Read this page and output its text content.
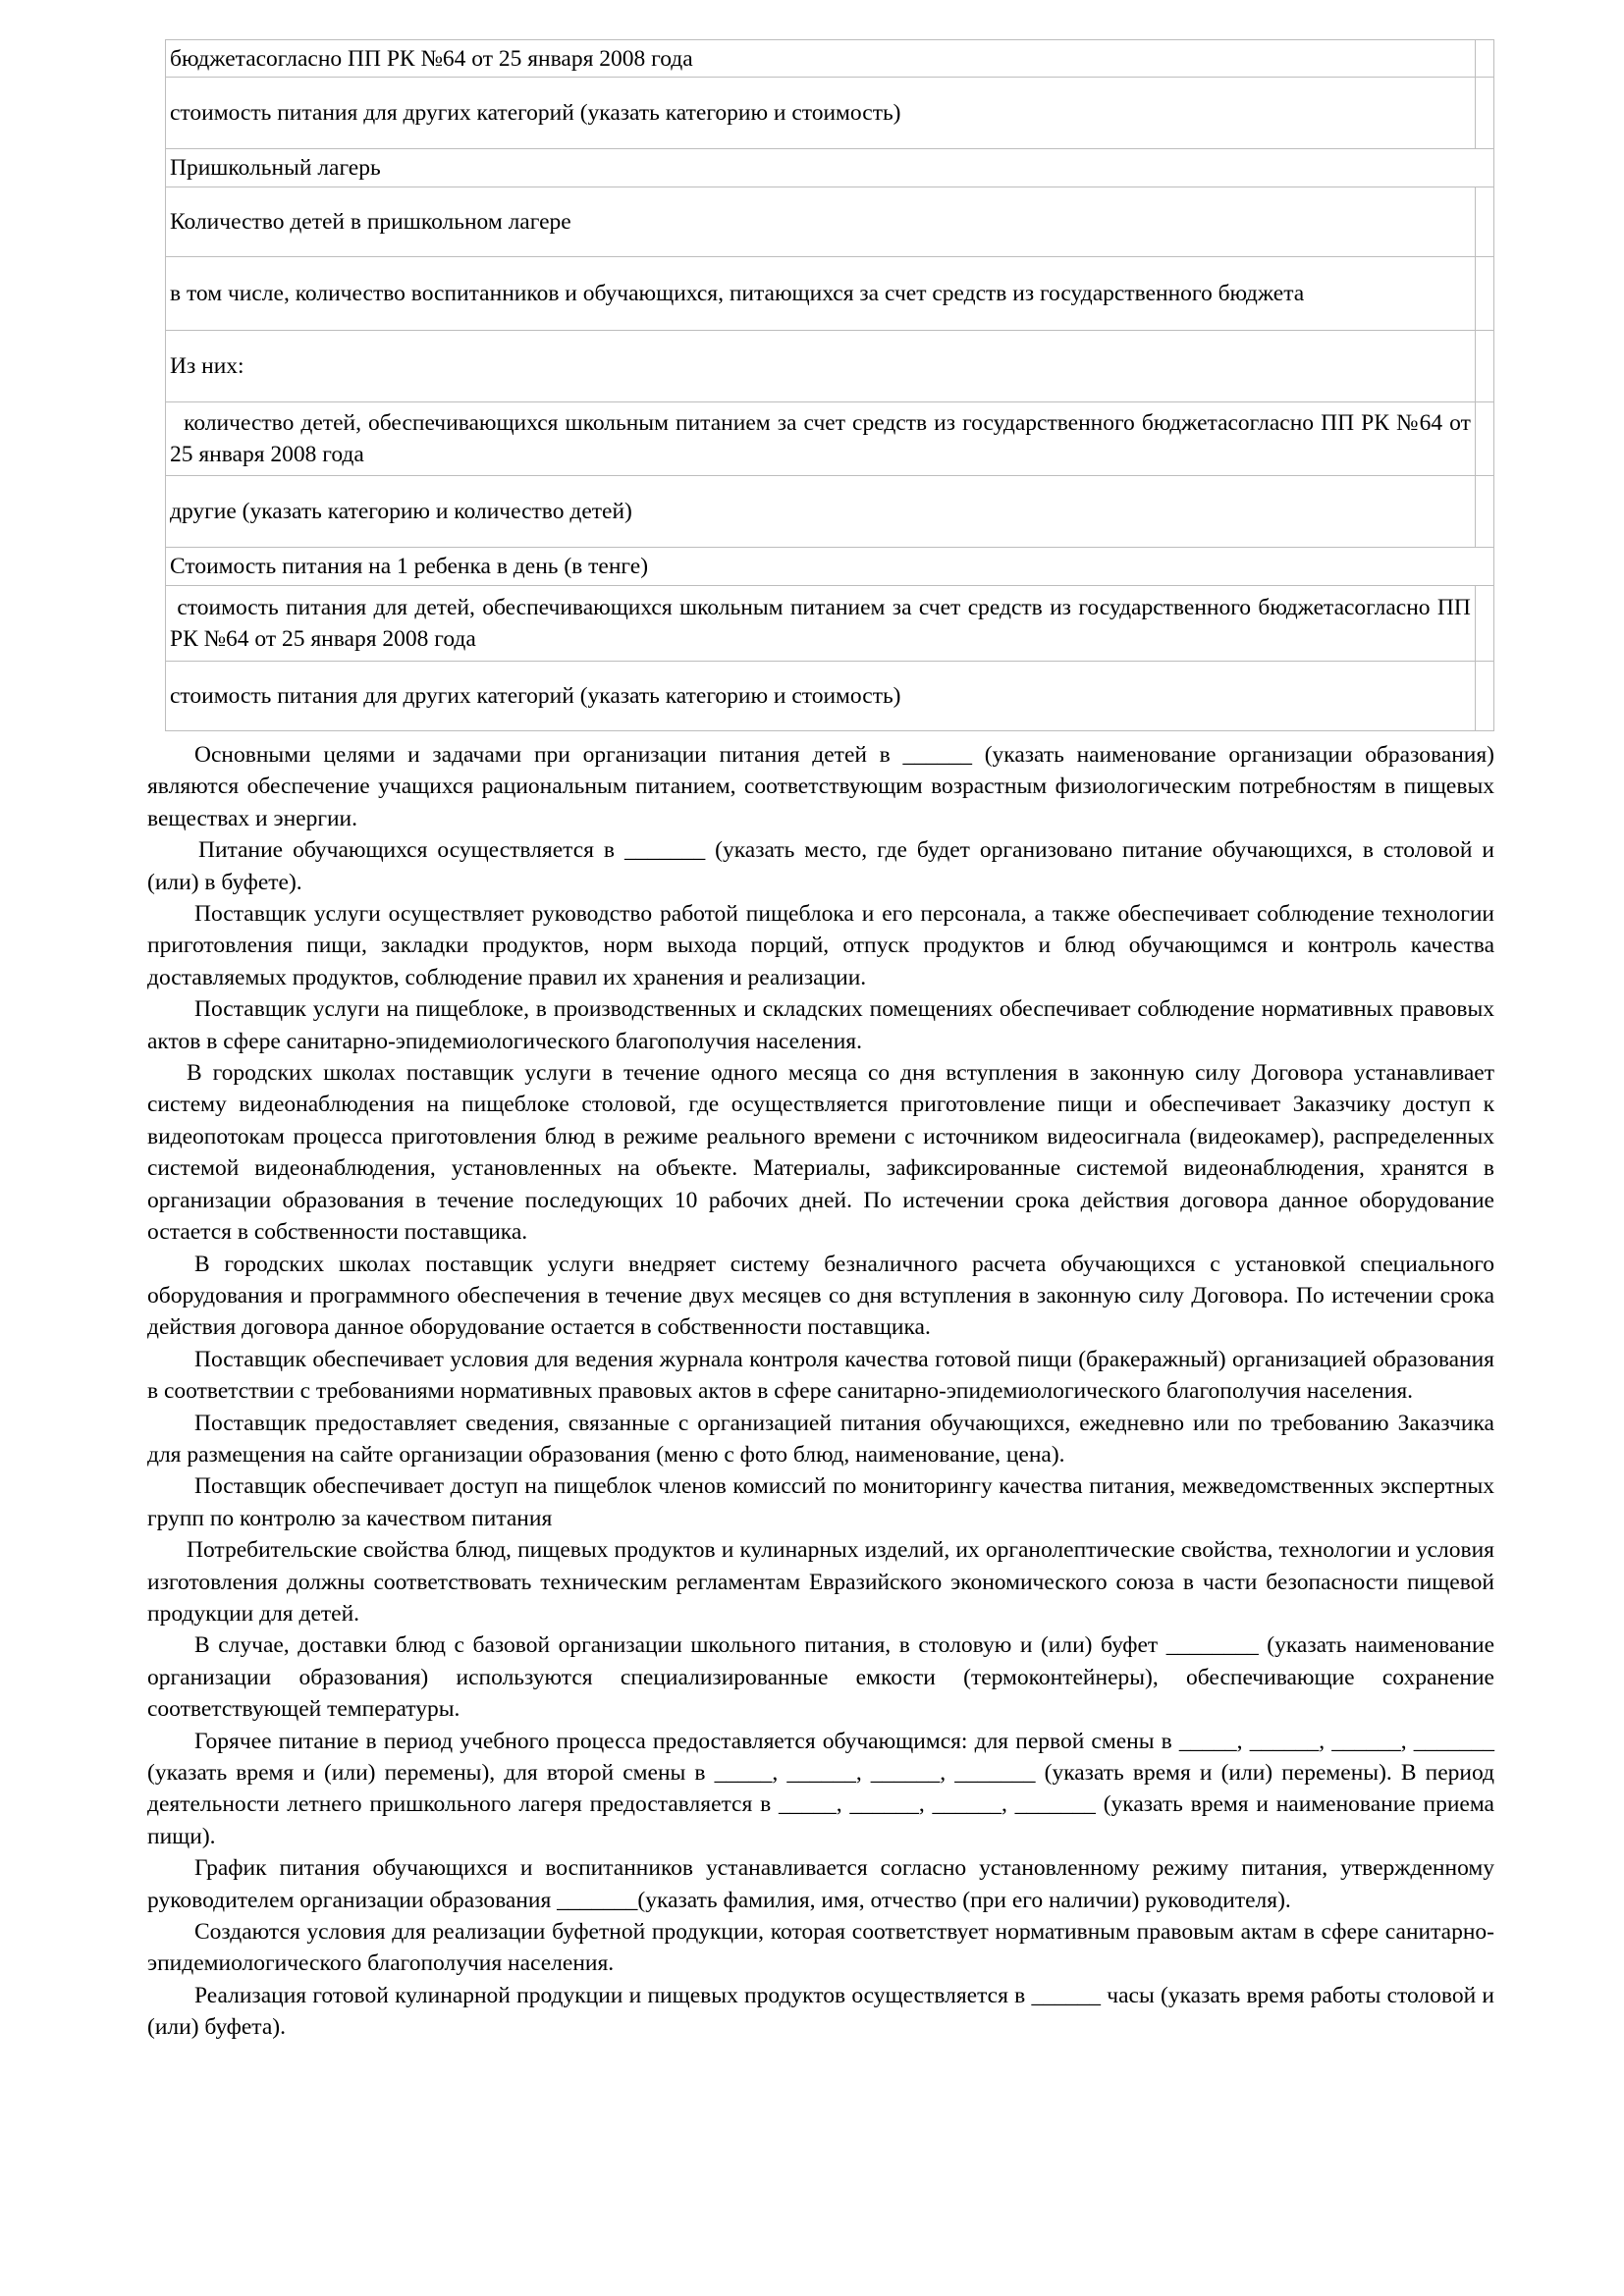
бюджетасогласно ПП РК №64 от 25 января 2008 года	
стоимость питания для других категорий (указать категорию и стоимость)	
Пришкольный лагерь	
Количество детей в пришкольном лагере	
в том числе, количество воспитанников и обучающихся, питающихся за счет средств из государственного бюджета	
Из них:	
количество детей, обеспечивающихся школьным питанием за счет средств из государственного бюджетасогласно ПП РК №64 от 25 января 2008 года	
другие (указать категорию и количество детей)	
Стоимость питания на 1 ребенка в день (в тенге)	
стоимость питания для детей, обеспечивающихся школьным питанием за счет средств из государственного бюджетасогласно ПП РК №64 от 25 января 2008 года	
стоимость питания для других категорий (указать категорию и стоимость)	

Основными целями и задачами при организации питания детей в ______ (указать наименование организации образования) являются обеспечение учащихся рациональным питанием, соответствующим возрастным физиологическим потребностям в пищевых веществах и энергии.

Питание обучающихся осуществляется в _______ (указать место, где будет организовано питание обучающихся, в столовой и (или) в буфете).

Поставщик услуги осуществляет руководство работой пищеблока и его персонала, а также обеспечивает соблюдение технологии приготовления пищи, закладки продуктов, норм выхода порций, отпуск продуктов и блюд обучающимся и контроль качества доставляемых продуктов, соблюдение правил их хранения и реализации.

Поставщик услуги на пищеблоке, в производственных и складских помещениях обеспечивает соблюдение нормативных правовых актов в сфере санитарно-эпидемиологического благополучия населения.

В городских школах поставщик услуги в течение одного месяца со дня вступления в законную силу Договора устанавливает систему видеонаблюдения на пищеблоке столовой, где осуществляется приготовление пищи и обеспечивает Заказчику доступ к видеопотокам процесса приготовления блюд в режиме реального времени с источником видеосигнала (видеокамер), распределенных системой видеонаблюдения, установленных на объекте. Материалы, зафиксированные системой видеонаблюдения, хранятся в организации образования в течение последующих 10 рабочих дней. По истечении срока действия договора данное оборудование остается в собственности поставщика.

В городских школах поставщик услуги внедряет систему безналичного расчета обучающихся с установкой специального оборудования и программного обеспечения в течение двух месяцев со дня вступления в законную силу Договора. По истечении срока действия договора данное оборудование остается в собственности поставщика.

Поставщик обеспечивает условия для ведения журнала контроля качества готовой пищи (бракеражный) организацией образования в соответствии с требованиями нормативных правовых актов в сфере санитарно-эпидемиологического благополучия населения.

Поставщик предоставляет сведения, связанные с организацией питания обучающихся, ежедневно или по требованию Заказчика для размещения на сайте организации образования (меню с фото блюд, наименование, цена).

Поставщик обеспечивает доступ на пищеблок членов комиссий по мониторингу качества питания, межведомственных экспертных групп по контролю за качеством питания

Потребительские свойства блюд, пищевых продуктов и кулинарных изделий, их органолептические свойства, технологии и условия изготовления должны соответствовать техническим регламентам Евразийского экономического союза в части безопасности пищевой продукции для детей.

В случае, доставки блюд с базовой организации школьного питания, в столовую и (или) буфет ________ (указать наименование организации образования) используются специализированные емкости (термоконтейнеры), обеспечивающие сохранение соответствующей температуры.

Горячее питание в период учебного процесса предоставляется обучающимся: для первой смены в _____, ______, ______, _______ (указать время и (или) перемены), для второй смены в _____, ______, ______, _______ (указать время и (или) перемены). В период деятельности летнего пришкольного лагеря предоставляется в _____, ______, ______, _______ (указать время и наименование приема пищи).

График питания обучающихся и воспитанников устанавливается согласно установленному режиму питания, утвержденному руководителем организации образования _______(указать фамилия, имя, отчество (при его наличии) руководителя).

Создаются условия для реализации буфетной продукции, которая соответствует нормативным правовым актам в сфере санитарно-эпидемиологического благополучия населения.

Реализация готовой кулинарной продукции и пищевых продуктов осуществляется в ______ часы (указать время работы столовой и (или) буфета).
